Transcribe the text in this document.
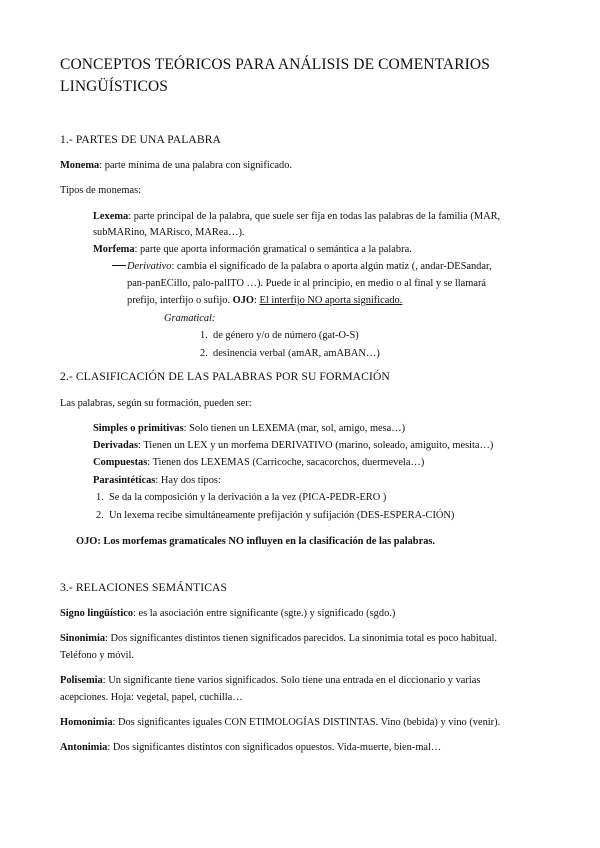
CONCEPTOS TEÓRICOS PARA ANÁLISIS DE COMENTARIOS LINGÜÍSTICOS
1.- PARTES DE UNA PALABRA
Monema: parte mínima de una palabra con significado.
Tipos de monemas:
Lexema: parte principal de la palabra, que suele ser fija en todas las palabras de la familia (MAR,
subMARino, MARisco, MARea…).
Morfema: parte que aporta información gramatical o semántica a la palabra.
Derivativo: cambia el significado de la palabra o aporta algún matiz (, andar-DESandar,
pan-panECillo, palo-palITO …). Puede ir al principio, en medio o al final y se llamará
prefijo, interfijo o sufijo. OJO: El interfijo NO aporta significado.
Gramatical:
1.  de género y/o de número (gat-O-S)
2.  desinencia verbal (amAR, amABAN…)
2.- CLASIFICACIÓN DE LAS PALABRAS POR SU FORMACIÓN
Las palabras, según su formación, pueden ser:
Simples o primitivas: Solo tienen un LEXEMA (mar, sol, amigo, mesa…)
Derivadas: Tienen un LEX y un morfema DERIVATIVO (marino, soleado, amiguito, mesita…)
Compuestas: Tienen dos LEXEMAS (Carricoche, sacacorchos, duermevela…)
Parasintéticas: Hay dos tipos:
1.  Se da la composición y la derivación a la vez (PICA-PEDR-ERO )
2.  Un lexema recibe simultáneamente prefijación y sufijación (DES-ESPERA-CIÓN)
OJO: Los morfemas gramaticales NO influyen en la clasificación de las palabras.
3.- RELACIONES SEMÁNTICAS
Signo lingüístico: es la asociación entre significante (sgte.) y significado (sgdo.)
Sinonimia: Dos significantes distintos tienen significados parecidos. La sinonimia total es poco habitual.
Teléfono y móvil.
Polisemia: Un significante tiene varios significados. Solo tiene una entrada en el diccionario y varias
acepciones. Hoja: vegetal, papel, cuchilla…
Homonimia: Dos significantes iguales CON ETIMOLOGÍAS DISTINTAS. Vino (bebida) y vino (venir).
Antonimia: Dos significantes distintos con significados opuestos. Vida-muerte, bien-mal…
